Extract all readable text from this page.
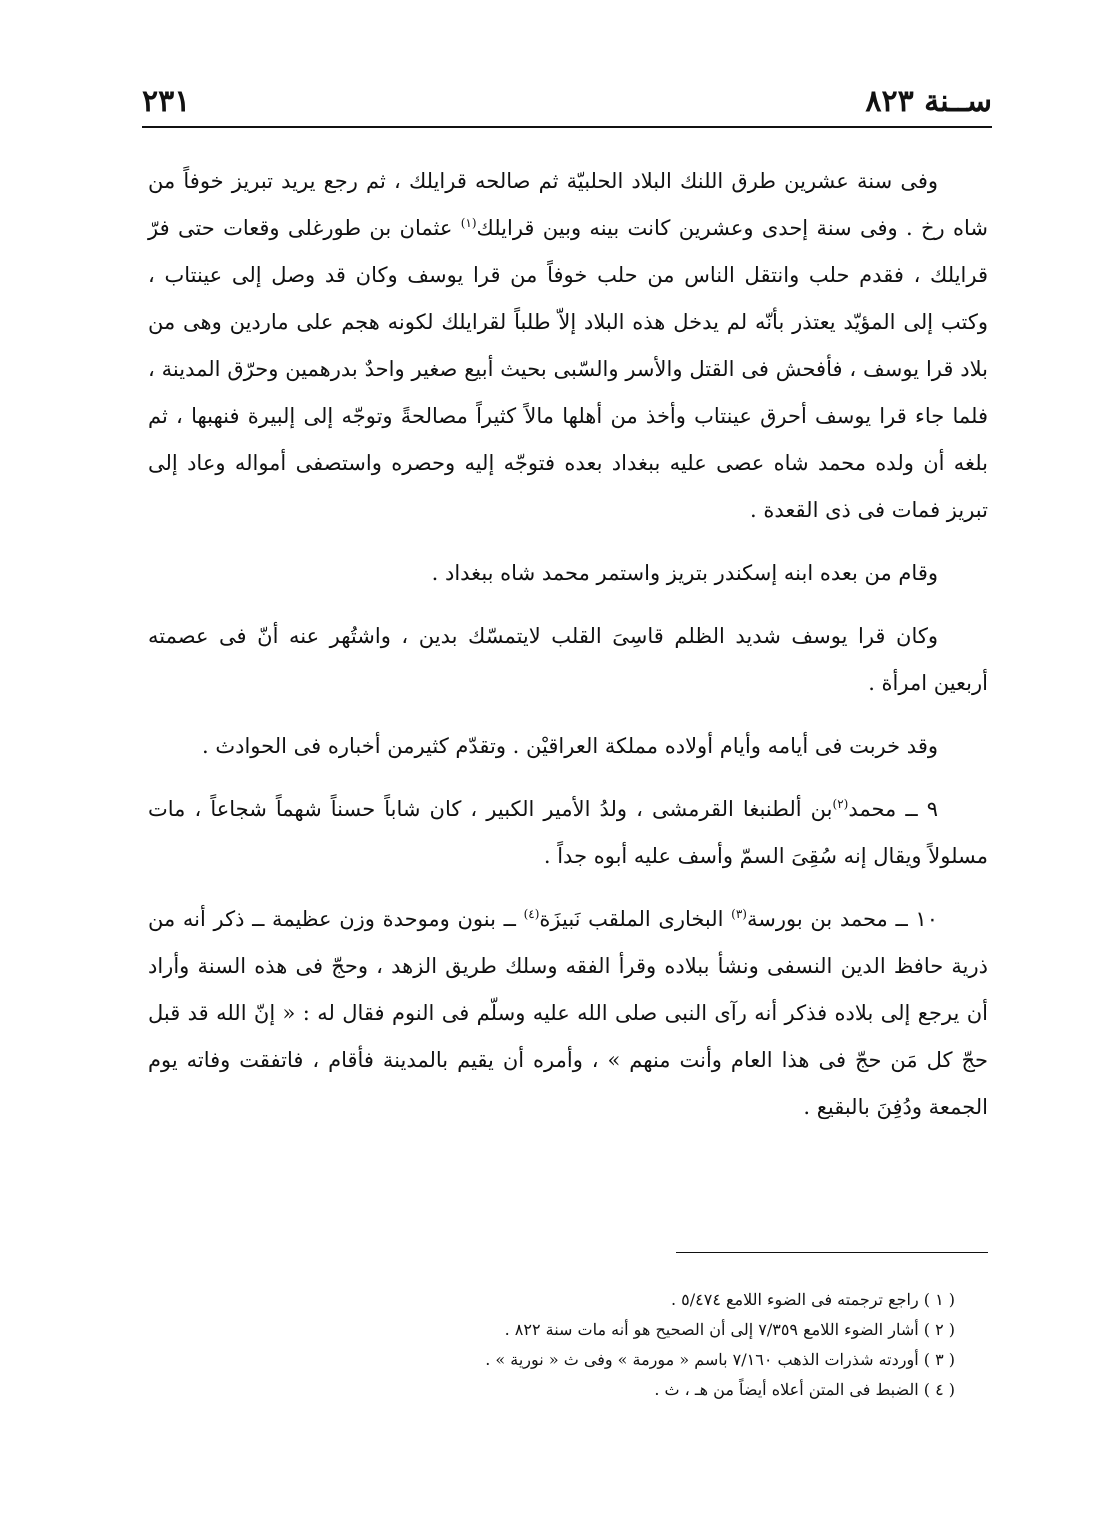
ســنة ٨٢٣
٢٣١

وفى سنة عشرين طرق اللنك البلاد الحلبيّة ثم صالحه قرايلك ، ثم رجع يريد تبريز خوفاً من شاه رخ . وفى سنة إحدى وعشرين كانت بينه وبين قرايلك$^{(١)}$ عثمان بن طورغلى وقعات حتى فرّ قرايلك ، فقدم حلب وانتقل الناس من حلب خوفاً من قرا يوسف وكان قد وصل إلى عينتاب ، وكتب إلى المؤيّد يعتذر بأنّه لم يدخل هذه البلاد إلاّ طلباً لقرايلك لكونه هجم على ماردين وهى من بلاد قرا يوسف ، فأفحش فى القتل والأسر والسّبى بحيث أبيع صغير واحدٌ بدرهمين وحرّق المدينة ، فلما جاء قرا يوسف أحرق عينتاب وأخذ من أهلها مالاً كثيراً مصالحةً وتوجّه إلى إلبيرة فنهبها ، ثم بلغه أن ولده محمد شاه عصى عليه ببغداد بعده فتوجّه إليه وحصره واستصفى أمواله وعاد إلى تبريز فمات فى ذى القعدة .

وقام من بعده ابنه إسكندر بتريز واستمر محمد شاه ببغداد .

وكان قرا يوسف شديد الظلم قاسِىَ القلب لايتمسّك بدين ، واشتُهر عنه أنّ فى عصمته أربعين امرأة .

وقد خربت فى أيامه وأيام أولاده مملكة العراقيْن . وتقدّم كثيرمن أخباره فى الحوادث .

٩ ــ محمد$^{(٢)}$بن ألطنبغا القرمشى ، ولدُ الأمير الكبير ، كان شاباً حسناً شهماً شجاعاً ، مات مسلولاً ويقال إنه سُقِىَ السمّ وأسف عليه أبوه جداً .

١٠ ــ محمد بن بورسة$^{(٣)}$ البخارى الملقب نَبيزَة$^{(٤)}$ ــ بنون وموحدة وزن عظيمة ــ ذكر أنه من ذرية حافظ الدين النسفى ونشأ ببلاده وقرأ الفقه وسلك طريق الزهد ، وحجّ فى هذه السنة وأراد أن يرجع إلى بلاده فذكر أنه رآى النبى صلى الله عليه وسلّم فى النوم فقال له : « إنّ الله قد قبل حجّ كل مَن حجّ فى هذا العام وأنت منهم » ، وأمره أن يقيم بالمدينة فأقام ، فاتفقت وفاته يوم الجمعة ودُفِنَ بالبقيع .

( ١ ) راجع ترجمته فى الضوء اللامع ٥/٤٧٤ .
( ٢ ) أشار الضوء اللامع ٧/٣٥٩ إلى أن الصحيح هو أنه مات سنة ٨٢٢ .
( ٣ ) أوردته شذرات الذهب ٧/١٦٠ باسم « مورمة » وفى ث « نورية » .
( ٤ ) الضبط فى المتن أعلاه أيضاً من هـ ، ث .
